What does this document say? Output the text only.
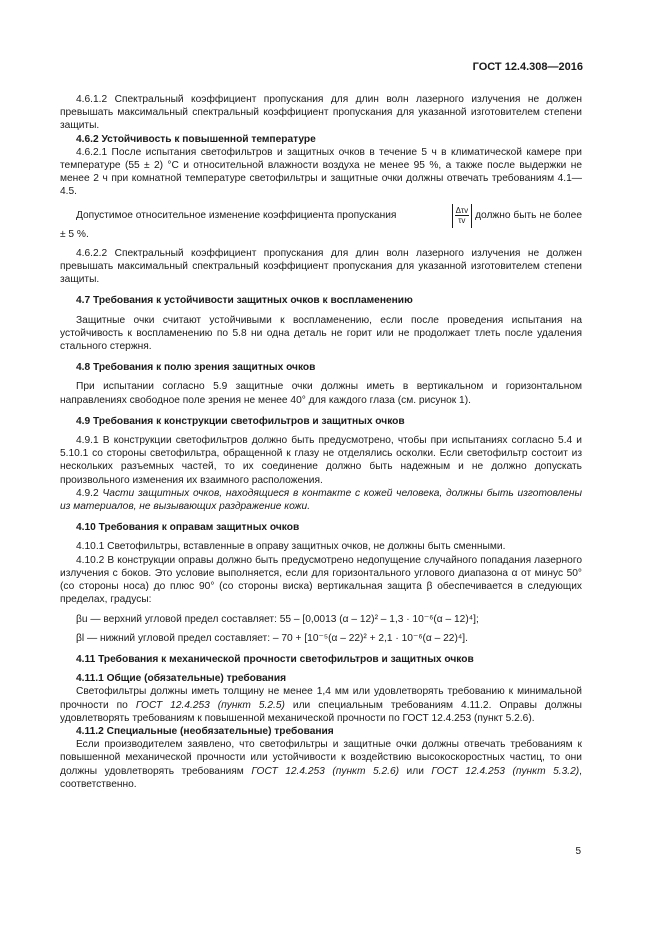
ГОСТ 12.4.308—2016

4.6.1.2 Спектральный коэффициент пропускания для длин волн лазерного излучения не должен превышать максимальный спектральный коэффициент пропускания для указанной изготовителем степени защиты.

4.6.2 Устойчивость к повышенной температуре

4.6.2.1 После испытания светофильтров и защитных очков в течение 5 ч в климатической камере при температуре (55 ± 2) °С и относительной влажности воздуха не менее 95 %, а также после выдержки не менее 2 ч при комнатной температуре светофильтры и защитные очки должны отвечать требованиям 4.1—4.5.

Допустимое относительное изменение коэффициента пропускания	$\frac{\text{Δτv}}{\tau v}$ должно быть не более

± 5 %.

4.6.2.2 Спектральный коэффициент пропускания для длин волн лазерного излучения не должен превышать максимальный спектральный коэффициент пропускания для указанной изготовителем степени защиты.

4.7 Требования к устойчивости защитных очков к воспламенению

Защитные очки считают устойчивыми к воспламенению, если после проведения испытания на устойчивость к воспламенению по 5.8 ни одна деталь не горит или не продолжает тлеть после удаления стального стержня.

4.8 Требования к полю зрения защитных очков

При испытании согласно 5.9 защитные очки должны иметь в вертикальном и горизонтальном направлениях свободное поле зрения не менее 40° для каждого глаза (см. рисунок 1).

4.9 Требования к конструкции светофильтров и защитных очков

4.9.1 В конструкции светофильтров должно быть предусмотрено, чтобы при испытаниях согласно 5.4 и 5.10.1 со стороны светофильтра, обращенной к глазу не отделялись осколки. Если светофильтр состоит из нескольких разъемных частей, то их соединение должно быть надежным и не должно допускать произвольного изменения их взаимного расположения.

4.9.2 Части защитных очков, находящиеся в контакте с кожей человека, должны быть изготовлены из материалов, не вызывающих раздражение кожи.

4.10 Требования к оправам защитных очков

4.10.1 Светофильтры, вставленные в оправу защитных очков, не должны быть сменными.

4.10.2 В конструкции оправы должно быть предусмотрено недопущение случайного попадания лазерного излучения с боков. Это условие выполняется, если для горизонтального углового диапазона α от минус 50° (со стороны носа) до плюс 90° (со стороны виска) вертикальная защита β обеспечивается в следующих пределах, градусы:

βu — верхний угловой предел составляет: 55 – [0,0013 (α – 12)² – 1,3 · 10⁻⁶(α – 12)⁴];

βl — нижний угловой предел составляет: – 70 + [10⁻⁵(α – 22)² + 2,1 · 10⁻⁶(α – 22)⁴].

4.11 Требования к механической прочности светофильтров и защитных очков

4.11.1 Общие (обязательные) требования

Светофильтры должны иметь толщину не менее 1,4 мм или удовлетворять требованию к минимальной прочности по ГОСТ 12.4.253 (пункт 5.2.5) или специальным требованиям 4.11.2. Оправы должны удовлетворять требованиям к повышенной механической прочности по ГОСТ 12.4.253 (пункт 5.2.6).

4.11.2 Специальные (необязательные) требования

Если производителем заявлено, что светофильтры и защитные очки должны отвечать требованиям к повышенной механической прочности или устойчивости к воздействию высокоскоростных частиц, то они должны удовлетворять требованиям ГОСТ 12.4.253 (пункт 5.2.6) или ГОСТ 12.4.253 (пункт 5.3.2), соответственно.

5
